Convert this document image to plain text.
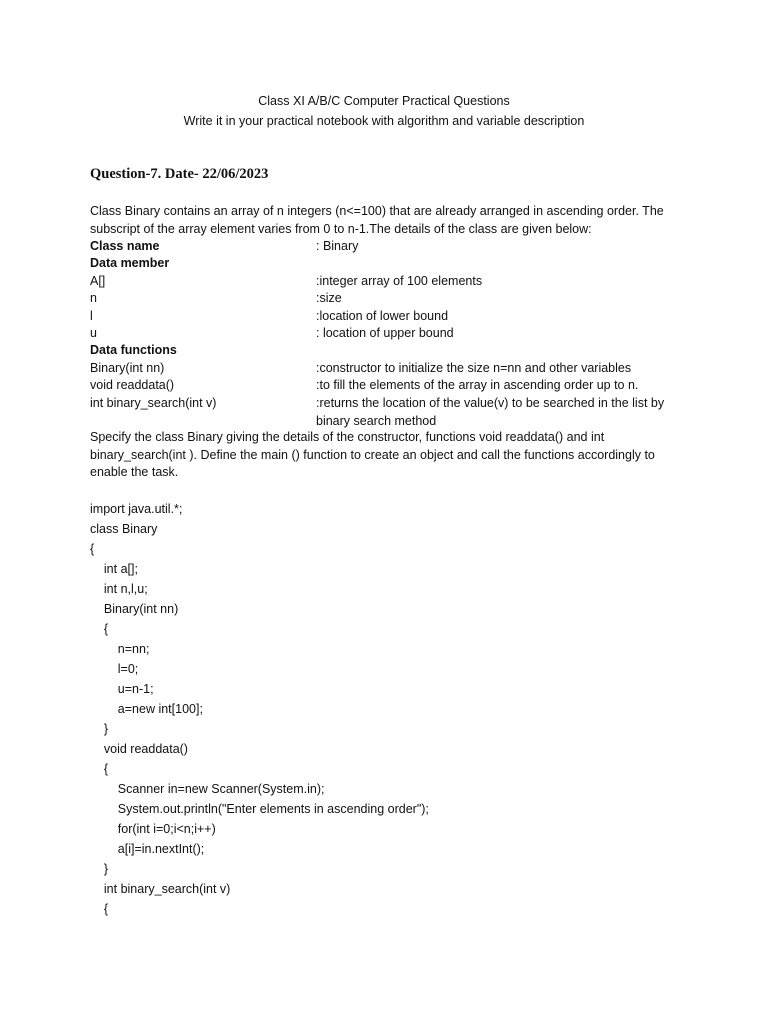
Class XI A/B/C Computer Practical Questions
Write it in your practical notebook with algorithm and variable description
Question-7. Date- 22/06/2023
Class Binary contains an array of n integers (n<=100) that are already arranged in ascending order. The subscript of the array element varies from 0 to n-1.The details of the class are given below:
Class name	: Binary
Data member
A[]	:integer array of 100 elements
n	:size
l	:location of lower bound
u	: location of upper bound
Data functions
Binary(int nn)	:constructor to initialize the size n=nn and other variables
void readdata()	:to fill the elements of the array in ascending order up to n.
int binary_search(int v)	:returns the location of the value(v) to be searched in the list by binary search method
Specify the class Binary giving the details of the constructor, functions void readdata() and int binary_search(int ). Define the main () function to create an object and call the functions accordingly to enable the task.
import java.util.*;
class Binary
{
int a[];
int n,l,u;
Binary(int nn)
{
n=nn;
l=0;
u=n-1;
a=new int[100];
}
void readdata()
{
Scanner in=new Scanner(System.in);
System.out.println("Enter elements in ascending order");
for(int i=0;i<n;i++)
a[i]=in.nextInt();
}
int binary_search(int v)
{
